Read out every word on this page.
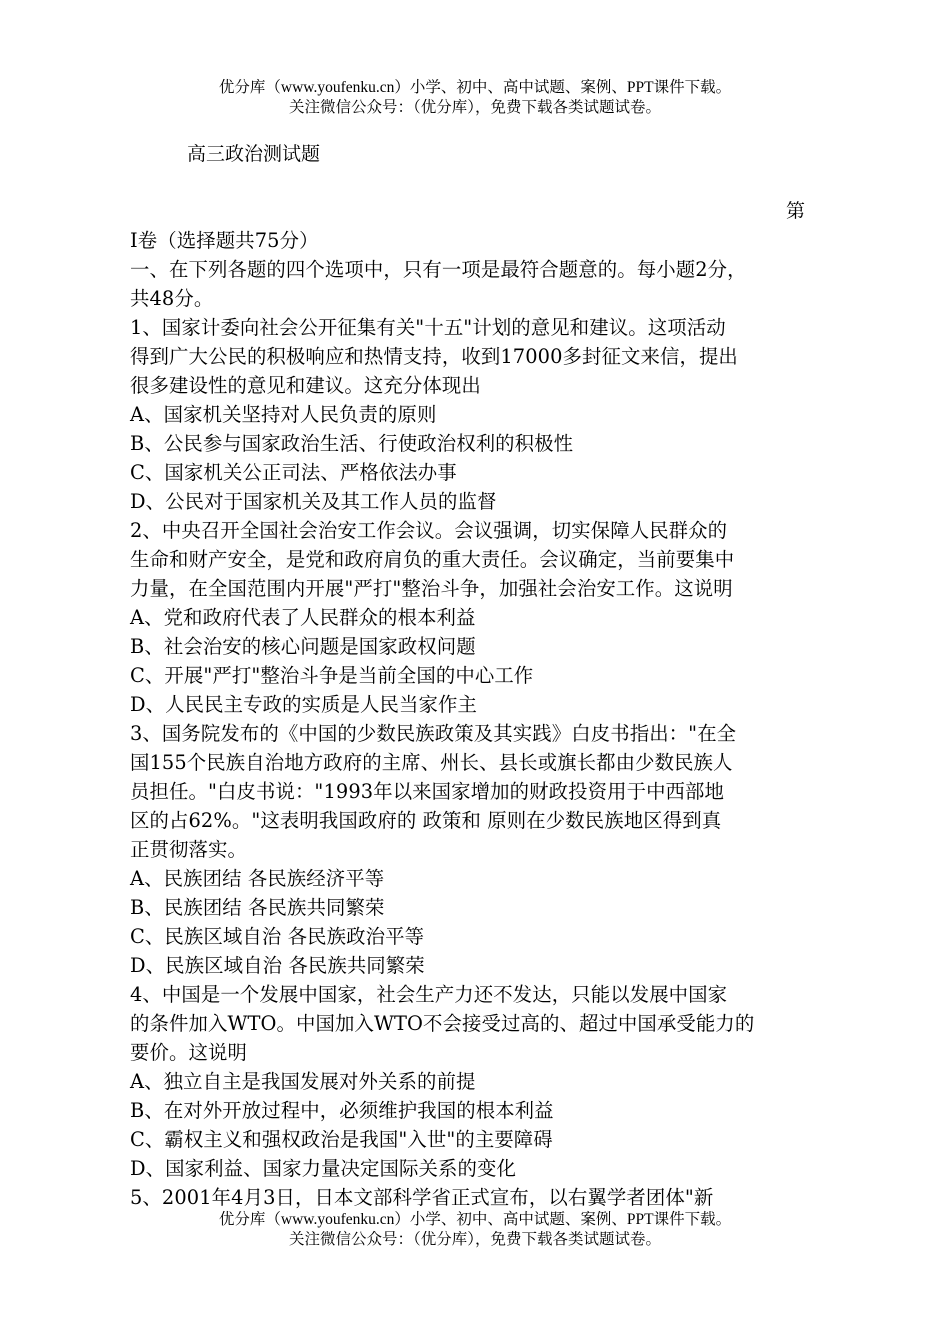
优分库（www.youfenku.cn）小学、初中、高中试题、案例、PPT课件下载。
关注微信公众号：（优分库），免费下载各类试题试卷。
高三政治测试题
第
I卷（选择题共75分）
一、在下列各题的四个选项中，只有一项是最符合题意的。每小题2分，
共48分。
1、国家计委向社会公开征集有关"十五"计划的意见和建议。这项活动
得到广大公民的积极响应和热情支持，收到17000多封征文来信，提出
很多建设性的意见和建议。这充分体现出
A、国家机关坚持对人民负责的原则
B、公民参与国家政治生活、行使政治权利的积极性
C、国家机关公正司法、严格依法办事
D、公民对于国家机关及其工作人员的监督
2、中央召开全国社会治安工作会议。会议强调，切实保障人民群众的
生命和财产安全，是党和政府肩负的重大责任。会议确定，当前要集中
力量，在全国范围内开展"严打"整治斗争，加强社会治安工作。这说明
A、党和政府代表了人民群众的根本利益
B、社会治安的核心问题是国家政权问题
C、开展"严打"整治斗争是当前全国的中心工作
D、人民民主专政的实质是人民当家作主
3、国务院发布的《中国的少数民族政策及其实践》白皮书指出："在全
国155个民族自治地方政府的主席、州长、县长或旗长都由少数民族人
员担任。"白皮书说："1993年以来国家增加的财政投资用于中西部地
区的占62%。"这表明我国政府的 政策和 原则在少数民族地区得到真
正贯彻落实。
A、民族团结 各民族经济平等
B、民族团结 各民族共同繁荣
C、民族区域自治 各民族政治平等
D、民族区域自治 各民族共同繁荣
4、中国是一个发展中国家，社会生产力还不发达，只能以发展中国家
的条件加入WTO。中国加入WTO不会接受过高的、超过中国承受能力的
要价。这说明
A、独立自主是我国发展对外关系的前提
B、在对外开放过程中，必须维护我国的根本利益
C、霸权主义和强权政治是我国"入世"的主要障碍
D、国家利益、国家力量决定国际关系的变化
5、2001年4月3日，日本文部科学省正式宣布，以右翼学者团体"新
优分库（www.youfenku.cn）小学、初中、高中试题、案例、PPT课件下载。
关注微信公众号：（优分库），免费下载各类试题试卷。
